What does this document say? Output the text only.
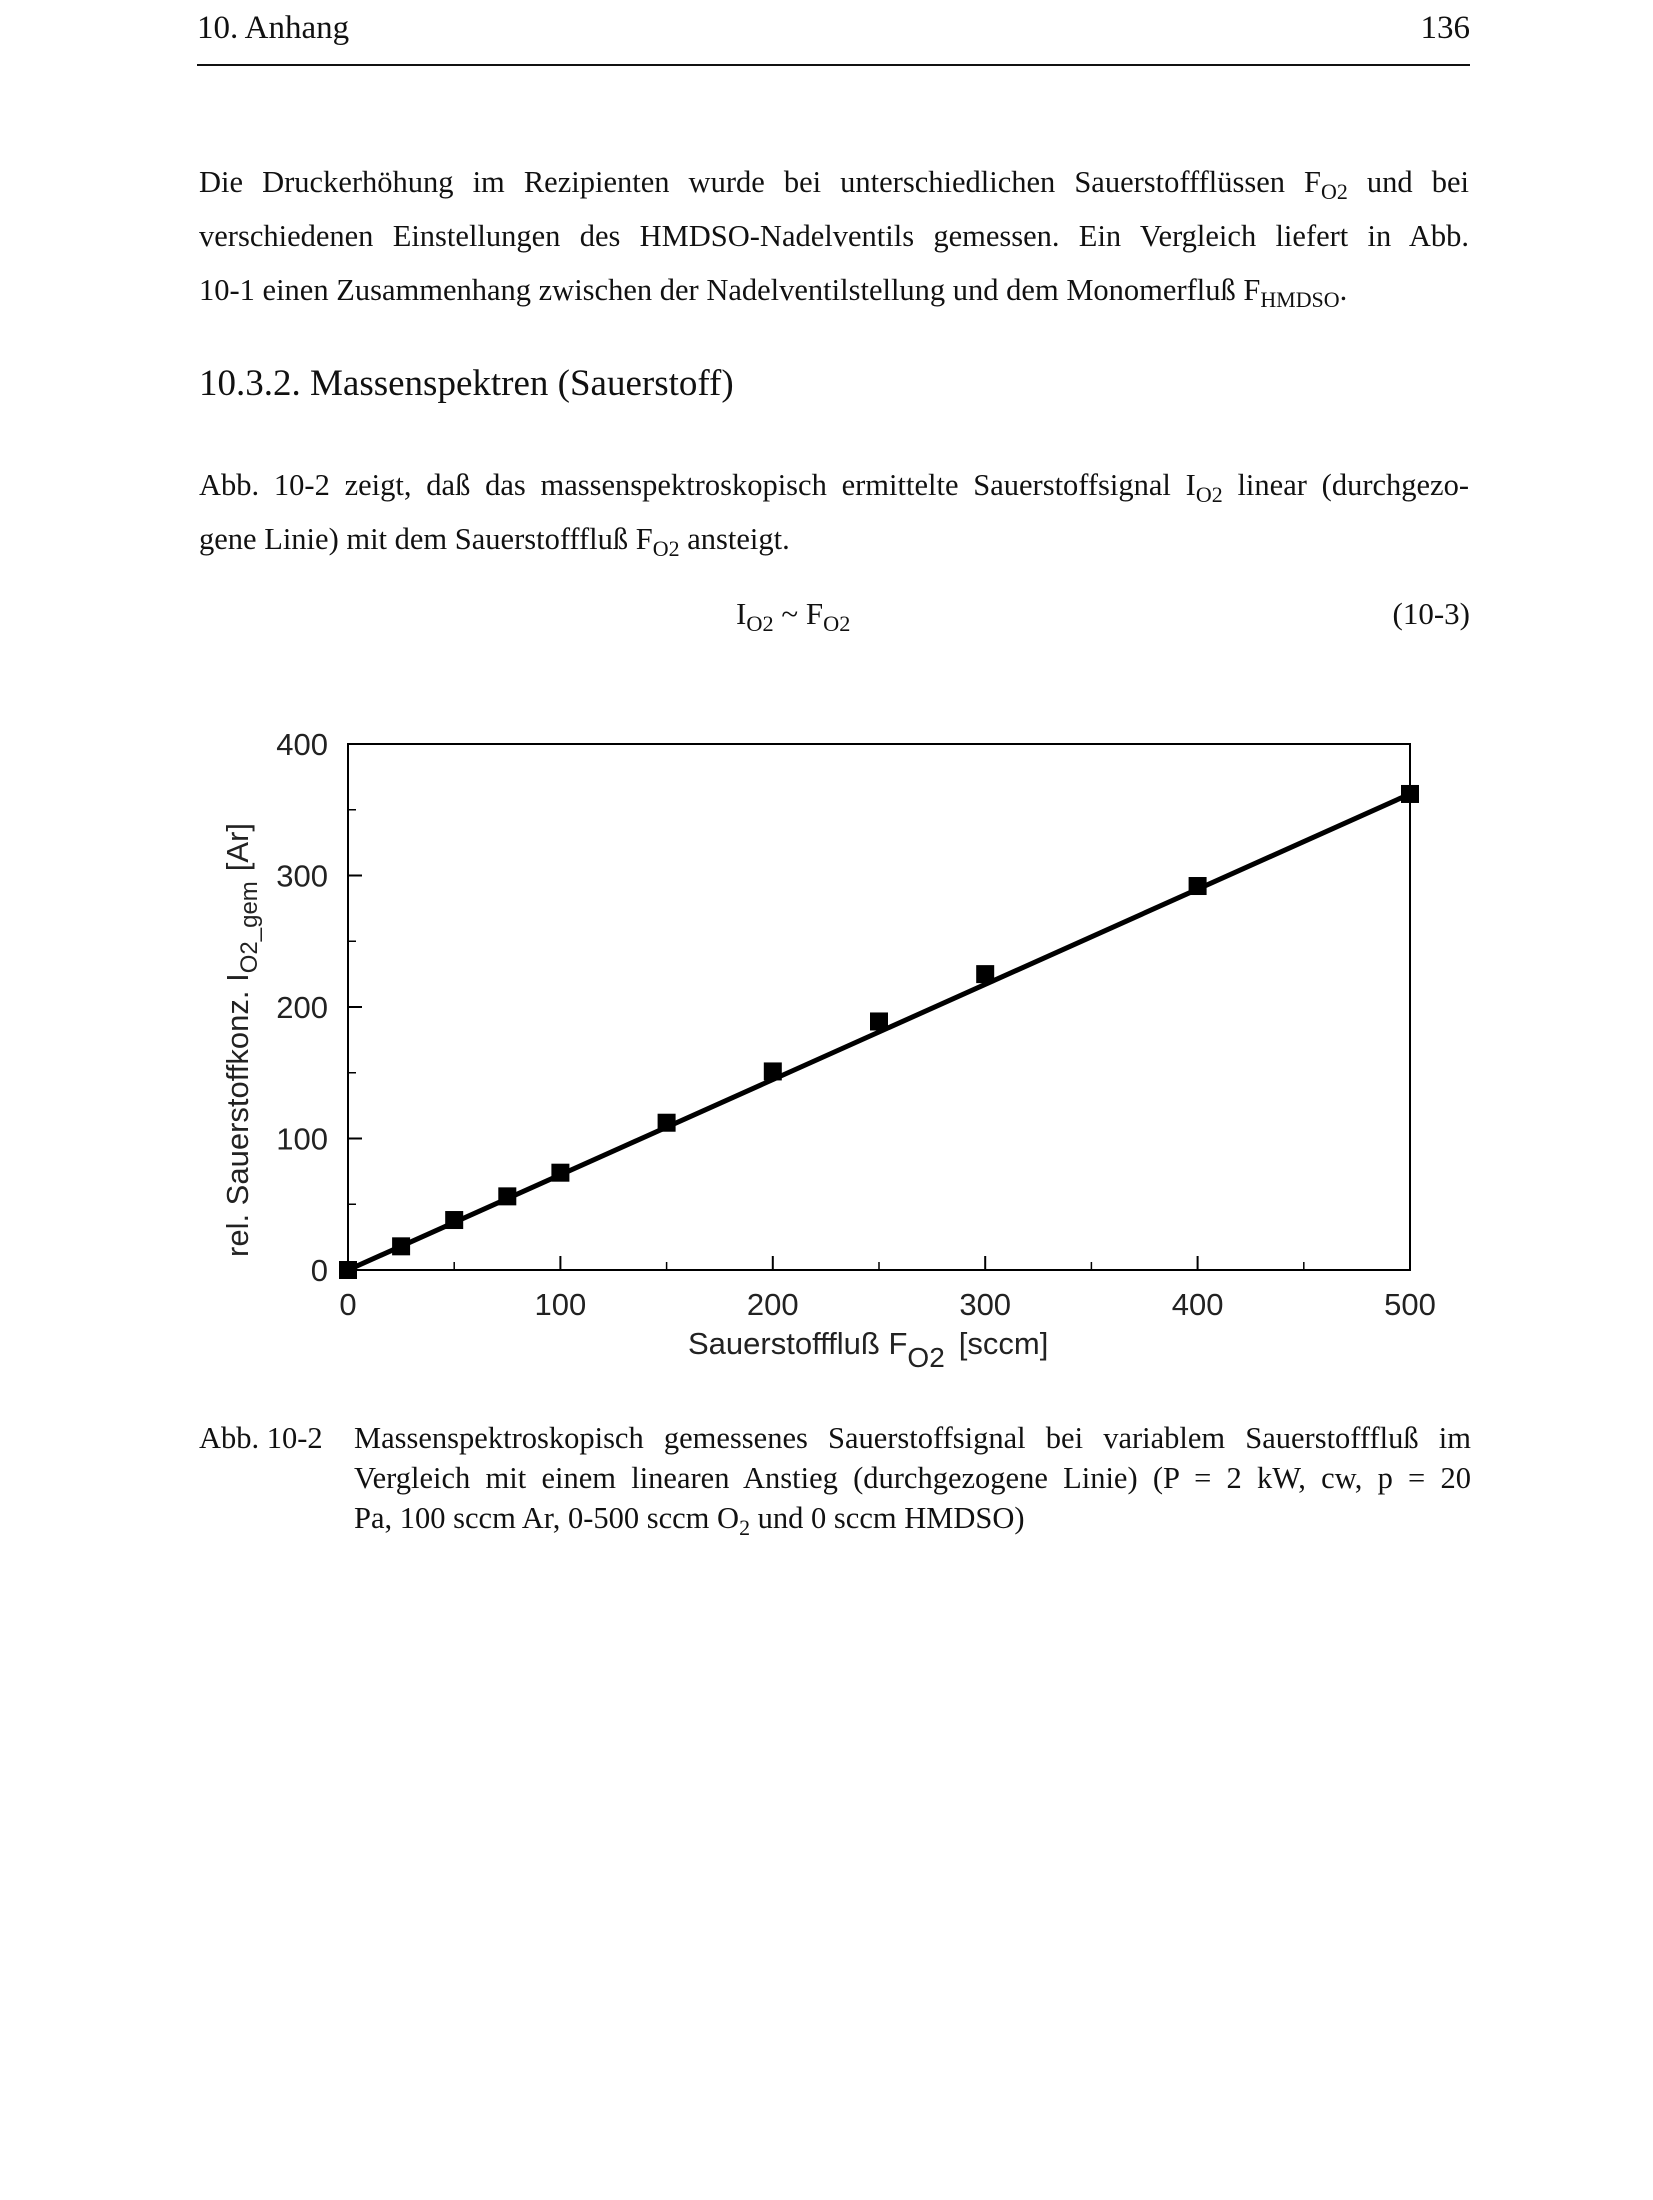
10. Anhang	136
Die Druckerhöhung im Rezipienten wurde bei unterschiedlichen Sauerstoffflüssen $F_{O2}$ und bei
verschiedenen Einstellungen des HMDSO-Nadelventils gemessen. Ein Vergleich liefert in Abb.
10-1 einen Zusammenhang zwischen der Nadelventilstellung und dem Monomerfluß $F_{HMDSO}$.
10.3.2. Massenspektren (Sauerstoff)
Abb. 10-2 zeigt, daß das massenspektroskopisch ermittelte Sauerstoffsignal $I_{O2}$ linear (durchgezo-
gene Linie) mit dem Sauerstofffluß $F_{O2}$ ansteigt.
$I_{O2}$ ~ $F_{O2}$	(10-3)
0	100	200	300	400	500
0
100
200
300
400
rel. Sauerstoffkonz. $I_{O2\_gem}[Ar]$
Sauerstofffluß FO2 [sccm]
Abb. 10-2 Massenspektroskopisch gemessenes Sauerstoffsignal bei variablem Sauerstofffluß im
Vergleich mit einem linearen Anstieg (durchgezogene Linie) (P = 2 kW, cw, p = 20
Pa, 100 sccm Ar, 0-500 sccm $O_2$ und 0 sccm HMDSO)
